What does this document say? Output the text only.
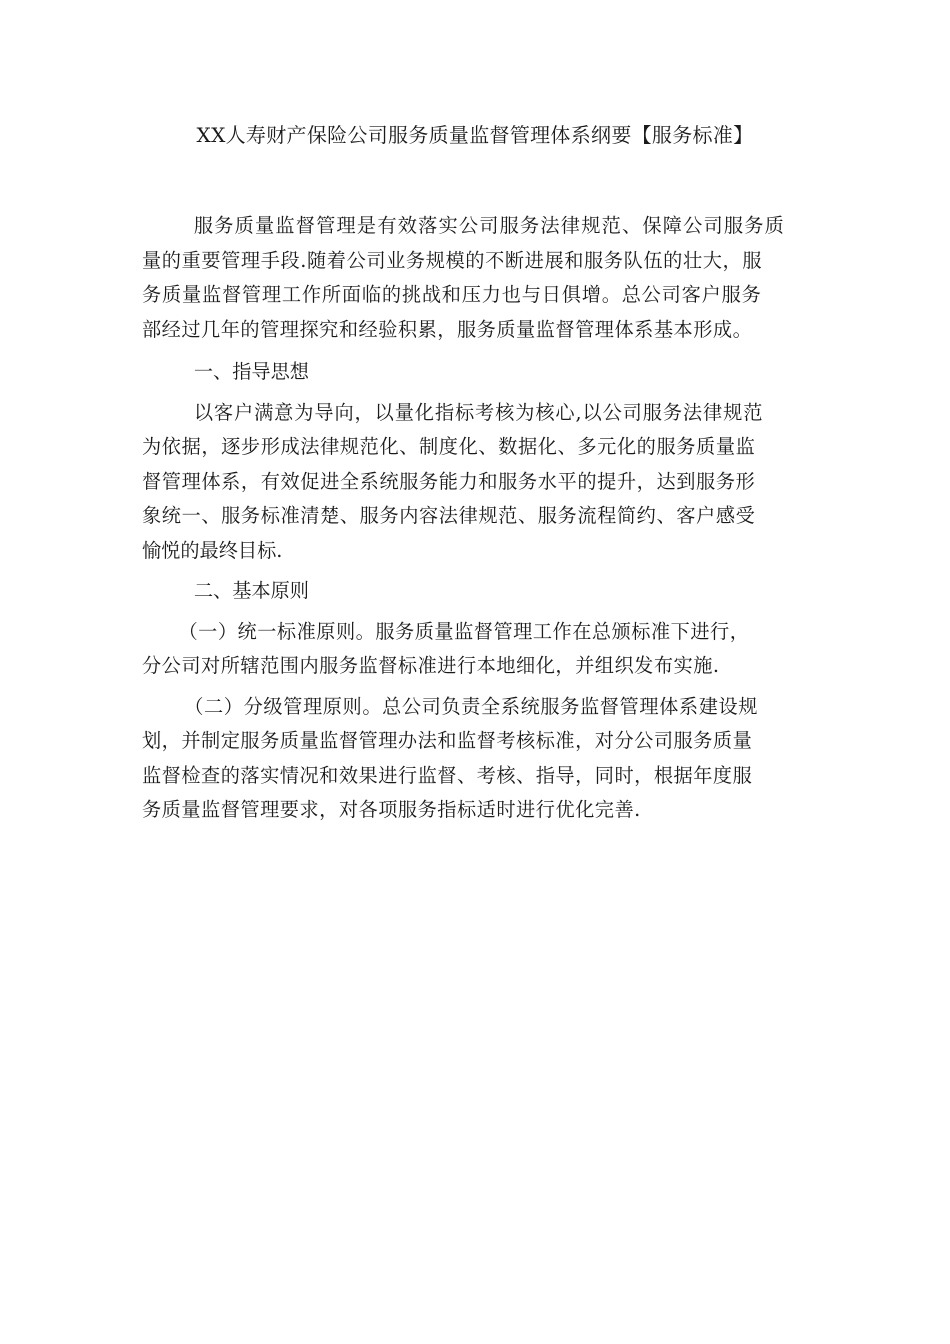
XX人寿财产保险公司服务质量监督管理体系纲要【服务标准】

服务质量监督管理是有效落实公司服务法律规范、保障公司服务质
量的重要管理手段.随着公司业务规模的不断进展和服务队伍的壮大，服
务质量监督管理工作所面临的挑战和压力也与日俱增。总公司客户服务
部经过几年的管理探究和经验积累，服务质量监督管理体系基本形成。

一、指导思想

以客户满意为导向，以量化指标考核为核心,以公司服务法律规范
为依据，逐步形成法律规范化、制度化、数据化、多元化的服务质量监
督管理体系，有效促进全系统服务能力和服务水平的提升，达到服务形
象统一、服务标准清楚、服务内容法律规范、服务流程简约、客户感受
愉悦的最终目标.

二、基本原则

（一）统一标准原则。服务质量监督管理工作在总颁标准下进行，
分公司对所辖范围内服务监督标准进行本地细化，并组织发布实施.

（二）分级管理原则。总公司负责全系统服务监督管理体系建设规
划，并制定服务质量监督管理办法和监督考核标准，对分公司服务质量
监督检查的落实情况和效果进行监督、考核、指导，同时，根据年度服
务质量监督管理要求，对各项服务指标适时进行优化完善.
